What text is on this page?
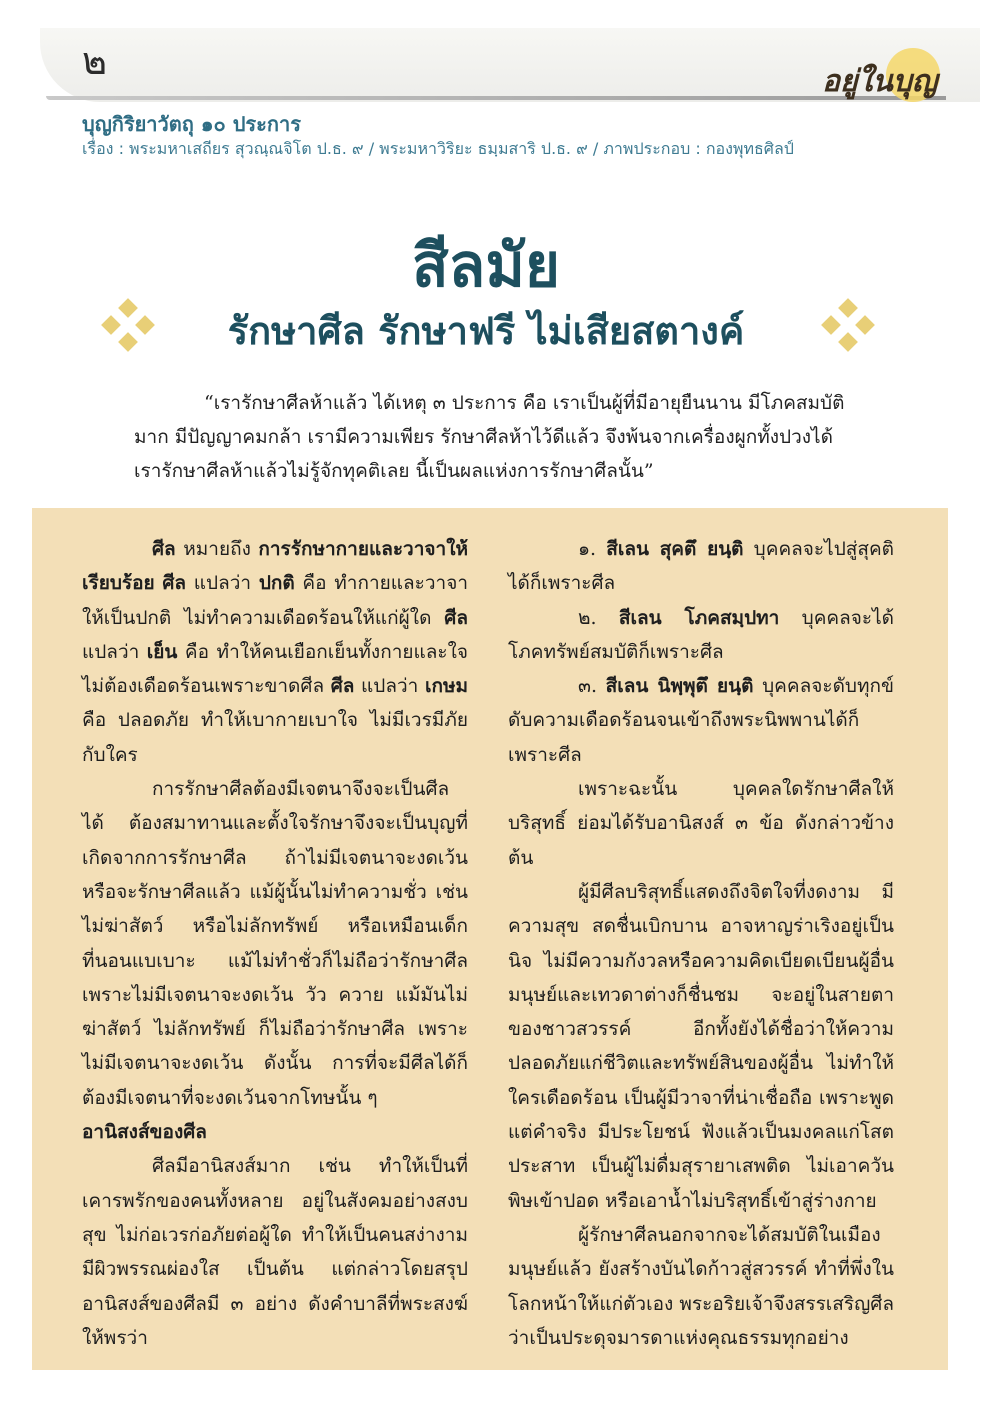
๒	อยู่ในบุญ
บุญกิริยาวัตถุ ๑๐ ประการ
เรื่อง : พระมหาเสถียร สุวณฺณจิโต ป.ธ. ๙ / พระมหาวิริยะ ธมฺมสาริ ป.ธ. ๙ / ภาพประกอบ : กองพุทธศิลป์
สีลมัย
รักษาศีล รักษาฟรี ไม่เสียสตางค์

“เรารักษาศีลห้าแล้ว ได้เหตุ ๓ ประการ คือ เราเป็นผู้ที่มีอายุยืนนาน มีโภคสมบัติ

มาก มีปัญญาคมกล้า เรามีความเพียร รักษาศีลห้าไว้ดีแล้ว จึงพ้นจากเครื่องผูกทั้งปวงได้

เรารักษาศีลห้าแล้วไม่รู้จักทุคติเลย นี้เป็นผลแห่งการรักษาศีลนั้น”

ศีล หมายถึง การรักษากายและวาจาให้เรียบร้อย ศีล แปลว่า ปกติ คือ ทำกายและวาจาให้เป็นปกติ ไม่ทำความเดือดร้อนให้แก่ผู้ใด ศีล แปลว่า เย็น คือ ทำให้คนเยือกเย็นทั้งกายและใจ ไม่ต้องเดือดร้อนเพราะขาดศีล ศีล แปลว่า เกษม คือ ปลอดภัย ทำให้เบากายเบาใจ ไม่มีเวรมีภัย กับใคร

การรักษาศีลต้องมีเจตนาจึงจะเป็นศีลได้ ต้องสมาทานและตั้งใจรักษาจึงจะเป็นบุญที่เกิดจากการรักษาศีล ถ้าไม่มีเจตนาจะงดเว้นหรือจะรักษาศีลแล้ว แม้ผู้นั้นไม่ทำความชั่ว เช่น ไม่ฆ่าสัตว์ หรือไม่ลักทรัพย์ หรือเหมือนเด็กที่นอนแบเบาะ แม้ไม่ทำชั่วก็ไม่ถือว่ารักษาศีล เพราะไม่มีเจตนาจะงดเว้น วัว ควาย แม้มันไม่ฆ่าสัตว์ ไม่ลักทรัพย์ ก็ไม่ถือว่ารักษาศีล เพราะไม่มีเจตนาจะงดเว้น ดังนั้น การที่จะมีศีลได้ก็ต้องมีเจตนาที่จะงดเว้นจากโทษนั้น ๆ

อานิสงส์ของศีล

ศีลมีอานิสงส์มาก เช่น ทำให้เป็นที่เคารพรักของคนทั้งหลาย อยู่ในสังคมอย่างสงบสุข ไม่ก่อเวรก่อภัยต่อผู้ใด ทำให้เป็นคนสง่างาม มีผิวพรรณผ่องใส เป็นต้น แต่กล่าวโดยสรุป อานิสงส์ของศีลมี ๓ อย่าง ดังคำบาลีที่พระสงฆ์ให้พรว่า

๑. สีเลน สุคตึ ยนฺติ บุคคลจะไปสู่สุคติได้ก็เพราะศีล

๒. สีเลน โภคสมฺปทา บุคคลจะได้โภคทรัพย์สมบัติก็เพราะศีล

๓. สีเลน นิพฺพุตึ ยนฺติ บุคคลจะดับทุกข์ดับความเดือดร้อนจนเข้าถึงพระนิพพานได้ก็เพราะศีล

เพราะฉะนั้น บุคคลใดรักษาศีลให้บริสุทธิ์ ย่อมได้รับอานิสงส์ ๓ ข้อ ดังกล่าวข้างต้น

ผู้มีศีลบริสุทธิ์แสดงถึงจิตใจที่งดงาม มีความสุข สดชื่นเบิกบาน อาจหาญร่าเริงอยู่เป็นนิจ ไม่มีความกังวลหรือความคิดเบียดเบียนผู้อื่น มนุษย์และเทวดาต่างก็ชื่นชม จะอยู่ในสายตาของชาวสวรรค์ อีกทั้งยังได้ชื่อว่าให้ความปลอดภัยแก่ชีวิตและทรัพย์สินของผู้อื่น ไม่ทำให้ใครเดือดร้อน เป็นผู้มีวาจาที่น่าเชื่อถือ เพราะพูดแต่คำจริง มีประโยชน์ ฟังแล้วเป็นมงคลแก่โสตประสาท เป็นผู้ไม่ดื่มสุรายาเสพติด ไม่เอาควันพิษเข้าปอด หรือเอาน้ำไม่บริสุทธิ์เข้าสู่ร่างกาย

ผู้รักษาศีลนอกจากจะได้สมบัติในเมืองมนุษย์แล้ว ยังสร้างบันไดก้าวสู่สวรรค์ ทำที่พึ่งในโลกหน้าให้แก่ตัวเอง พระอริยเจ้าจึงสรรเสริญศีลว่าเป็นประดุจมารดาแห่งคุณธรรมทุกอย่าง
